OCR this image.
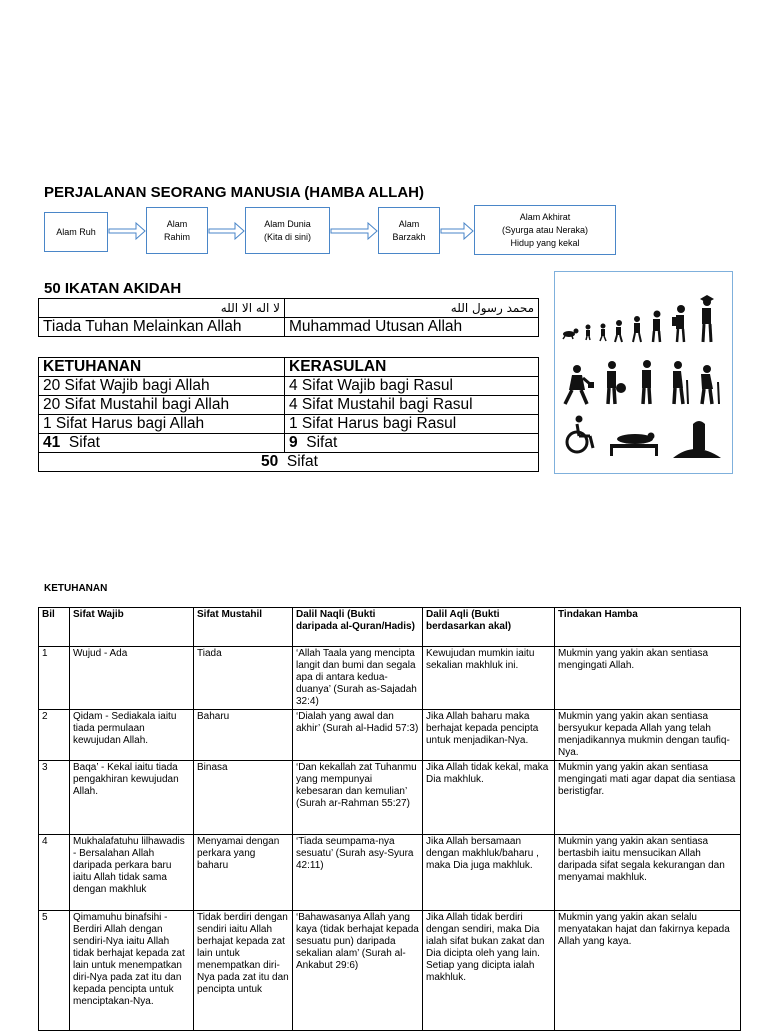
PERJALANAN SEORANG MANUSIA (HAMBA ALLAH)
Alam Ruh
Alam
Rahim
Alam Dunia
(Kita di sini)
Alam
Barzakh
Alam Akhirat
(Syurga atau Neraka)
Hidup yang kekal
50 IKATAN AKIDAH
لا اله الا الله	محمد رسول الله
Tiada Tuhan Melainkan Allah	Muhammad Utusan Allah
KETUHANAN	KERASULAN
20 Sifat Wajib bagi Allah	4 Sifat Wajib bagi Rasul
20 Sifat Mustahil bagi Allah	4 Sifat Mustahil bagi Rasul
1 Sifat Harus bagi Allah	1 Sifat Harus bagi Rasul
41 Sifat	9 Sifat
50 Sifat	
KETUHANAN
Bil	Sifat Wajib	Sifat Mustahil	Dalil Naqli (Bukti daripada al-Quran/Hadis)	Dalil Aqli (Bukti berdasarkan akal)	Tindakan Hamba
1	Wujud - Ada	Tiada	‘Allah Taala yang mencipta langit dan bumi dan segala apa di antara kedua-duanya’ (Surah as-Sajadah 32:4)	Kewujudan mumkin iaitu sekalian makhluk ini.	Mukmin yang yakin akan sentiasa mengingati Allah.
2	Qidam - Sediakala iaitu tiada permulaan kewujudan Allah.	Baharu	‘Dialah yang awal dan akhir’ (Surah al-Hadid 57:3)	Jika Allah baharu maka berhajat kepada pencipta untuk menjadikan-Nya.	Mukmin yang yakin akan sentiasa bersyukur kepada Allah yang telah menjadikannya mukmin dengan taufiq-Nya.
3	Baqa’ - Kekal iaitu tiada pengakhiran kewujudan Allah.	Binasa	‘Dan kekallah zat Tuhanmu yang mempunyai kebesaran dan kemulian’ (Surah ar-Rahman 55:27)	Jika Allah tidak kekal, maka Dia makhluk.	Mukmin yang yakin akan sentiasa mengingati mati agar dapat dia sentiasa beristigfar.
4	Mukhalafatuhu lilhawadis - Bersalahan Allah daripada perkara baru iaitu Allah tidak sama dengan makhluk	Menyamai dengan perkara yang baharu	‘Tiada seumpama-nya sesuatu’ (Surah asy-Syura 42:11)	Jika Allah bersamaan dengan makhluk/baharu , maka Dia juga makhluk.	Mukmin yang yakin akan sentiasa bertasbih iaitu mensucikan Allah daripada sifat segala kekurangan dan menyamai makhluk.
5	Qimamuhu binafsihi - Berdiri Allah dengan sendiri-Nya iaitu Allah tidak berhajat kepada zat lain untuk menempatkan diri-Nya pada zat itu dan kepada pencipta untuk menciptakan-Nya.	Tidak berdiri dengan sendiri iaitu Allah berhajat kepada zat lain untuk menempatkan diri-Nya pada zat itu dan pencipta untuk	‘Bahawasanya Allah yang kaya (tidak berhajat kepada sesuatu pun) daripada sekalian alam’ (Surah al-Ankabut 29:6)	Jika Allah tidak berdiri dengan sendiri, maka Dia ialah sifat bukan zakat dan Dia dicipta oleh yang lain. Setiap yang dicipta ialah makhluk.	Mukmin yang yakin akan selalu menyatakan hajat dan fakirnya kepada Allah yang kaya.
